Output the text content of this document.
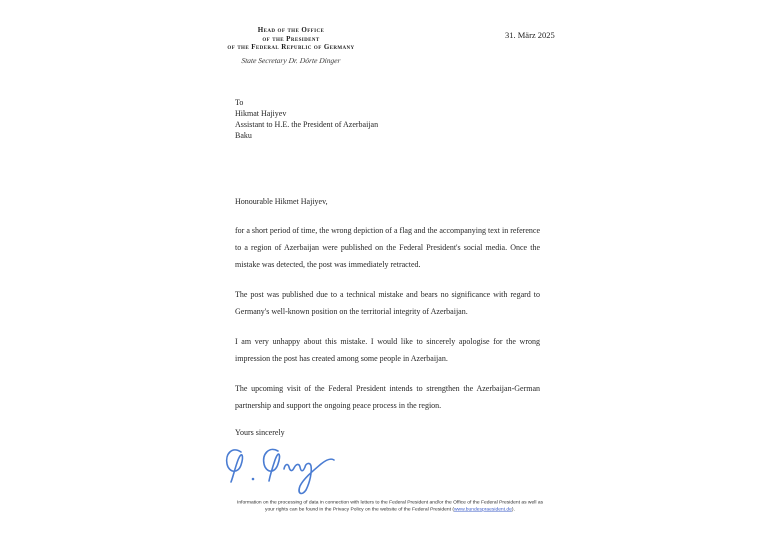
Head of the Office
of the President
of the Federal Republic of Germany
State Secretary Dr. Dörte Dinger
31. März 2025
To
Hikmat Hajiyev
Assistant to H.E. the President of Azerbaijan
Baku

Honourable Hikmet Hajiyev,

for a short period of time, the wrong depiction of a flag and the accompanying text in reference to a region of Azerbaijan were published on the Federal President's social media. Once the mistake was detected, the post was immediately retracted.

The post was published due to a technical mistake and bears no significance with regard to Germany's well-known position on the territorial integrity of Azerbaijan.

I am very unhappy about this mistake. I would like to sincerely apologise for the wrong impression the post has created among some people in Azerbaijan.

The upcoming visit of the Federal President intends to strengthen the Azerbaijan-German partnership and support the ongoing peace process in the region.

Yours sincerely

Information on the processing of data in connection with letters to the Federal President and/or the Office of the Federal President as well as
your rights can be found in the Privacy Policy on the website of the Federal President (www.bundespraesident.de).
